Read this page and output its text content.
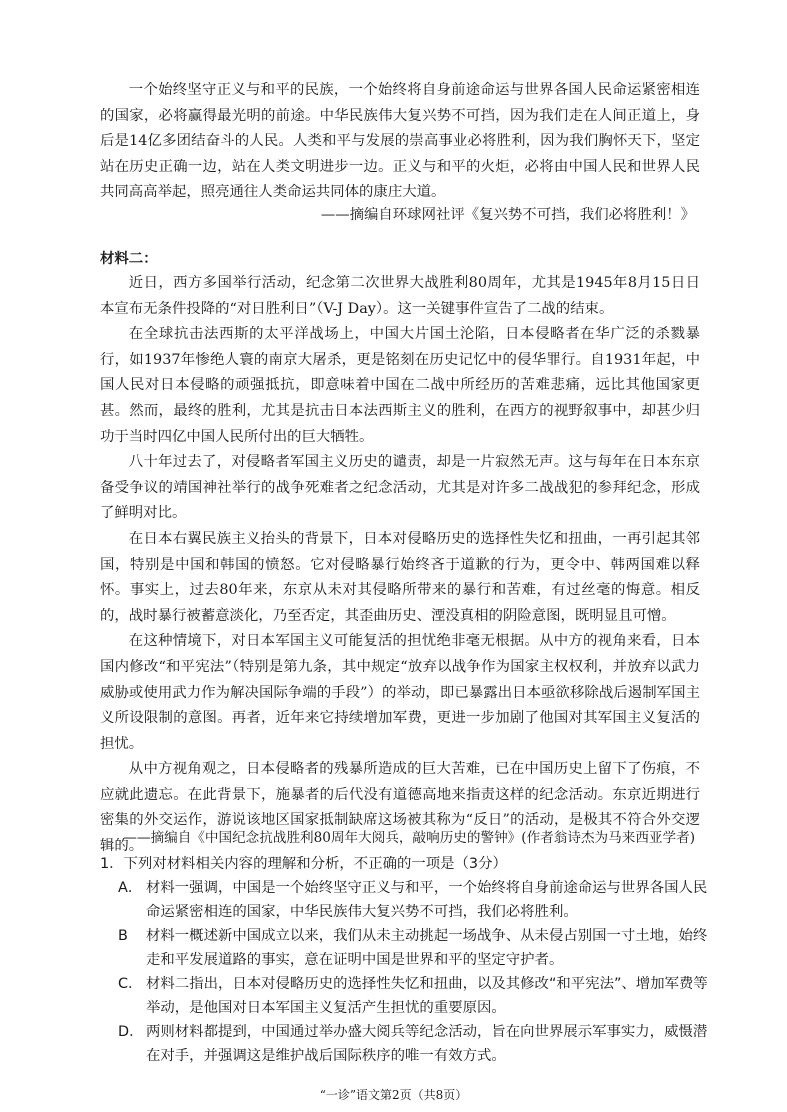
一个始终坚守正义与和平的民族，一个始终将自身前途命运与世界各国人民命运紧密相连的国家，必将赢得最光明的前途。中华民族伟大复兴势不可挡，因为我们走在人间正道上，身后是14亿多团结奋斗的人民。人类和平与发展的崇高事业必将胜利，因为我们胸怀天下，坚定站在历史正确一边，站在人类文明进步一边。正义与和平的火炬，必将由中国人民和世界人民共同高高举起，照亮通往人类命运共同体的康庄大道。

——摘编自环球网社评《复兴势不可挡，我们必将胜利！》
材料二：

近日，西方多国举行活动，纪念第二次世界大战胜利80周年，尤其是1945年8月15日日本宣布无条件投降的“对日胜利日”（V-J Day）。这一关键事件宣告了二战的结束。

在全球抗击法西斯的太平洋战场上，中国大片国土沦陷，日本侵略者在华广泛的杀戮暴行，如1937年惨绝人寰的南京大屠杀，更是铭刻在历史记忆中的侵华罪行。自1931年起，中国人民对日本侵略的顽强抵抗，即意味着中国在二战中所经历的苦难悲痛，远比其他国家更甚。然而，最终的胜利，尤其是抗击日本法西斯主义的胜利，在西方的视野叙事中，却甚少归功于当时四亿中国人民所付出的巨大牺牲。

八十年过去了，对侵略者军国主义历史的谴责，却是一片寂然无声。这与每年在日本东京备受争议的靖国神社举行的战争死难者之纪念活动，尤其是对许多二战战犯的参拜纪念，形成了鲜明对比。

在日本右翼民族主义抬头的背景下，日本对侵略历史的选择性失忆和扭曲，一再引起其邻国，特别是中国和韩国的愤怒。它对侵略暴行始终吝于道歉的行为，更令中、韩两国难以释怀。事实上，过去80年来，东京从未对其侵略所带来的暴行和苦难，有过丝毫的悔意。相反的，战时暴行被蓄意淡化，乃至否定，其歪曲历史、湮没真相的阴险意图，既明显且可憎。

在这种情境下，对日本军国主义可能复活的担忧绝非毫无根据。从中方的视角来看，日本国内修改“和平宪法”（特别是第九条，其中规定“放弃以战争作为国家主权权利，并放弃以武力威胁或使用武力作为解决国际争端的手段”）的举动，即已暴露出日本亟欲移除战后遏制军国主义所设限制的意图。再者，近年来它持续增加军费，更进一步加剧了他国对其军国主义复活的担忧。

从中方视角观之，日本侵略者的残暴所造成的巨大苦难，已在中国历史上留下了伤痕，不应就此遗忘。在此背景下，施暴者的后代没有道德高地来指责这样的纪念活动。东京近期进行密集的外交运作，游说该地区国家抵制缺席这场被其称为“反日”的活动，是极其不符合外交逻辑的。

——摘编自《中国纪念抗战胜利80周年大阅兵，敲响历史的警钟》(作者翁诗杰为马来西亚学者)

1．下列对材料相关内容的理解和分析，不正确的一项是（3分）

A． 材料一强调，中国是一个始终坚守正义与和平，一个始终将自身前途命运与世界各国人民命运紧密相连的国家，中华民族伟大复兴势不可挡，我们必将胜利。
B	材料一概述新中国成立以来，我们从未主动挑起一场战争、从未侵占别国一寸土地，始终走和平发展道路的事实，意在证明中国是世界和平的坚定守护者。
C． 材料二指出，日本对侵略历史的选择性失忆和扭曲，以及其修改“和平宪法”、增加军费等举动，是他国对日本军国主义复活产生担忧的重要原因。
D． 两则材料都提到，中国通过举办盛大阅兵等纪念活动，旨在向世界展示军事实力，威慑潜在对手，并强调这是维护战后国际秩序的唯一有效方式。
“一诊”语文第2页（共8页）
